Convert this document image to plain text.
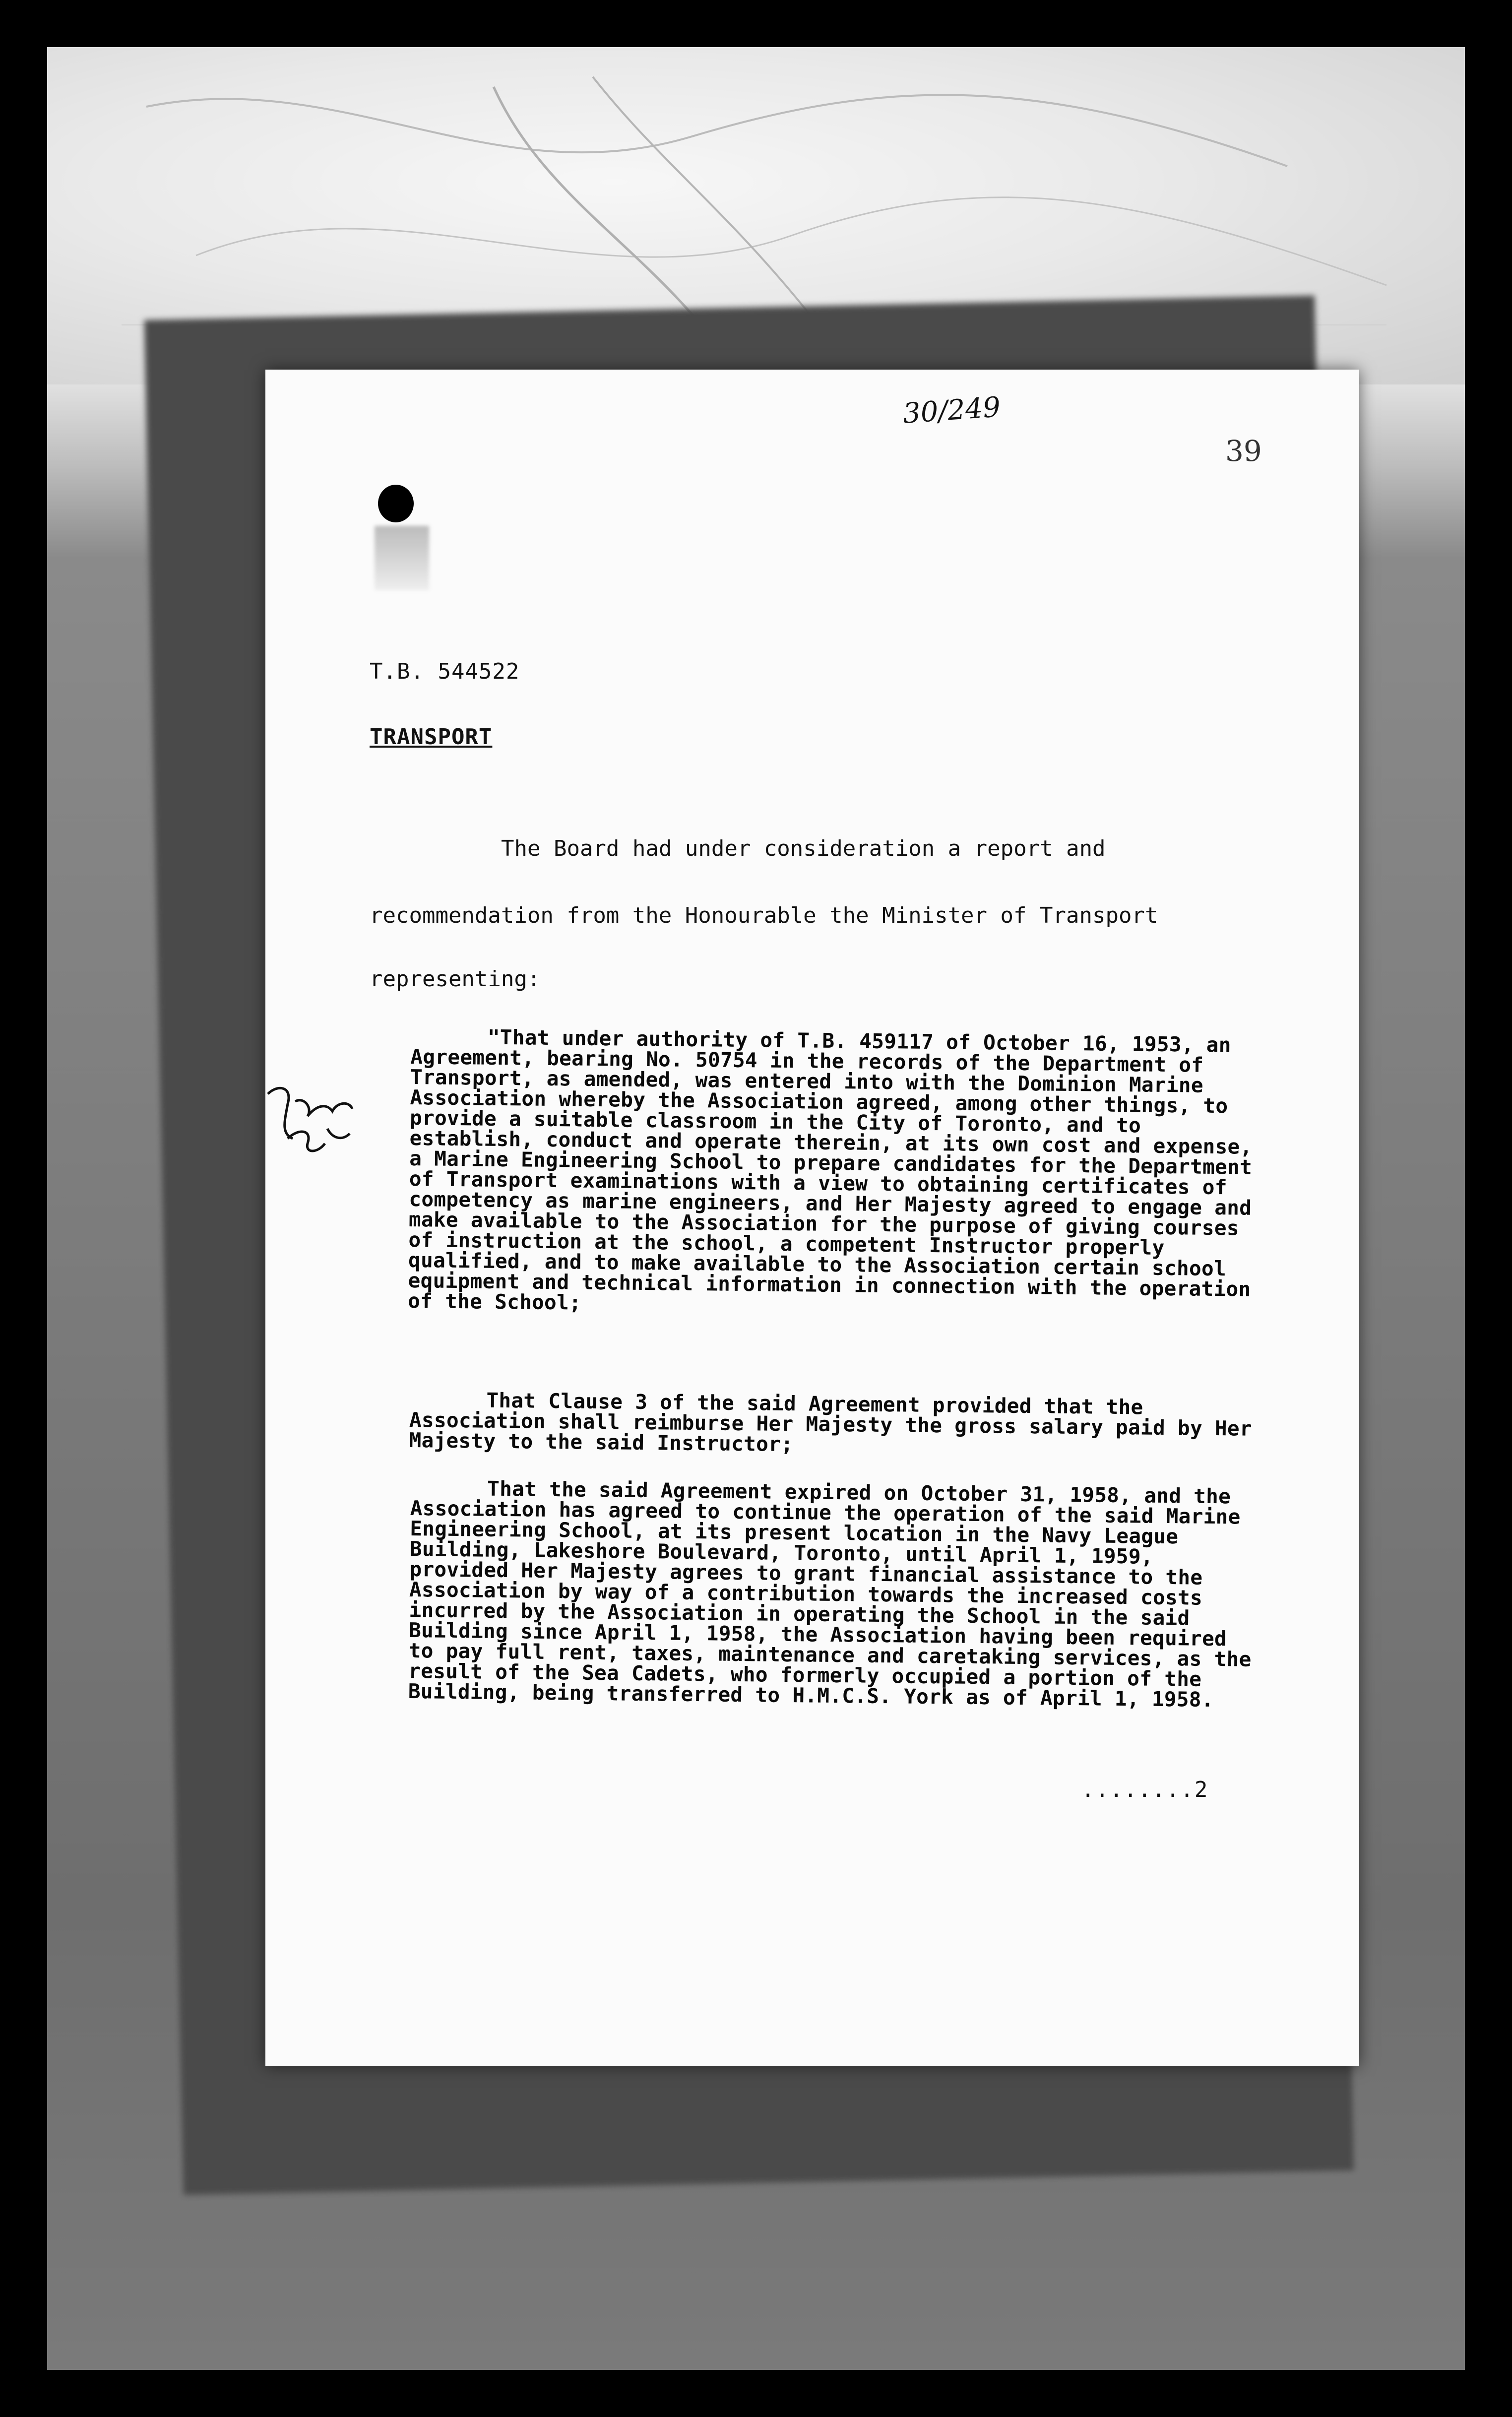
30/249
39
T.B. 544522
TRANSPORT
The Board had under consideration a report and
recommendation from the Honourable the Minister of Transport
representing:

"That under authority of T.B. 459117 of October 16, 1953, an Agreement, bearing No. 50754 in the records of the Department of Transport, as amended, was entered into with the Dominion Marine Association whereby the Association agreed, among other things, to provide a suitable classroom in the City of Toronto, and to establish, conduct and operate therein, at its own cost and expense, a Marine Engineering School to prepare candidates for the Department of Transport examinations with a view to obtaining certificates of competency as marine engineers, and Her Majesty agreed to engage and make available to the Association for the purpose of giving courses of instruction at the school, a competent Instructor properly qualified, and to make available to the Association certain school equipment and technical information in connection with the operation of the School;

That Clause 3 of the said Agreement provided that the Association shall reimburse Her Majesty the gross salary paid by Her Majesty to the said Instructor;

That the said Agreement expired on October 31, 1958, and the Association has agreed to continue the operation of the said Marine Engineering School, at its present location in the Navy League Building, Lakeshore Boulevard, Toronto, until April 1, 1959, provided Her Majesty agrees to grant financial assistance to the Association by way of a contribution towards the increased costs incurred by the Association in operating the School in the said Building since April 1, 1958, the Association having been required to pay full rent, taxes, maintenance and caretaking services, as the result of the Sea Cadets, who formerly occupied a portion of the Building, being transferred to H.M.C.S. York as of April 1, 1958.

........2
